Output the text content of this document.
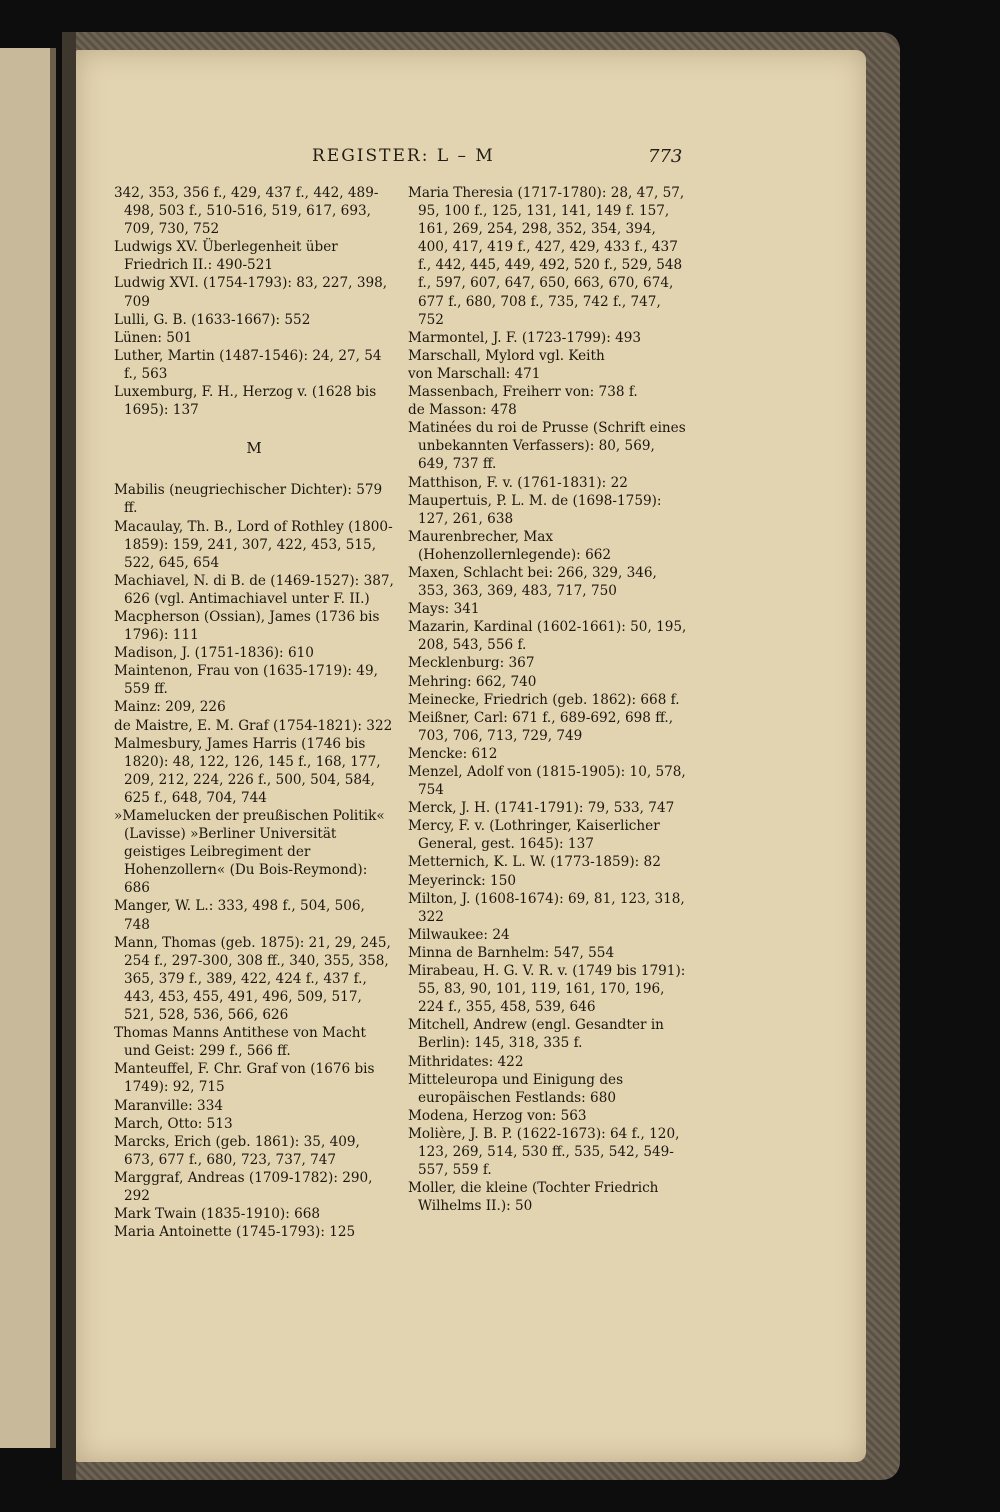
REGISTER: L – M	773

342, 353, 356 f., 429, 437 f., 442, 489-498, 503 f., 510-516, 519, 617, 693, 709, 730, 752

Ludwigs XV. Überlegenheit über Friedrich II.: 490-521

Ludwig XVI. (1754-1793): 83, 227, 398, 709

Lulli, G. B. (1633-1667): 552

Lünen: 501

Luther, Martin (1487-1546): 24, 27, 54 f., 563

Luxemburg, F. H., Herzog v. (1628 bis 1695): 137

M

Mabilis (neugriechischer Dichter): 579 ff.

Macaulay, Th. B., Lord of Rothley (1800-1859): 159, 241, 307, 422, 453, 515, 522, 645, 654

Machiavel, N. di B. de (1469-1527): 387, 626 (vgl. Antimachiavel unter F. II.)

Macpherson (Ossian), James (1736 bis 1796): 111

Madison, J. (1751-1836): 610

Maintenon, Frau von (1635-1719): 49, 559 ff.

Mainz: 209, 226

de Maistre, E. M. Graf (1754-1821): 322

Malmesbury, James Harris (1746 bis 1820): 48, 122, 126, 145 f., 168, 177, 209, 212, 224, 226 f., 500, 504, 584, 625 f., 648, 704, 744

»Mamelucken der preußischen Politik« (Lavisse) »Berliner Universität geistiges Leibregiment der Hohenzollern« (Du Bois-Reymond): 686

Manger, W. L.: 333, 498 f., 504, 506, 748

Mann, Thomas (geb. 1875): 21, 29, 245, 254 f., 297-300, 308 ff., 340, 355, 358, 365, 379 f., 389, 422, 424 f., 437 f., 443, 453, 455, 491, 496, 509, 517, 521, 528, 536, 566, 626

Thomas Manns Antithese von Macht und Geist: 299 f., 566 ff.

Manteuffel, F. Chr. Graf von (1676 bis 1749): 92, 715

Maranville: 334

March, Otto: 513

Marcks, Erich (geb. 1861): 35, 409, 673, 677 f., 680, 723, 737, 747

Marggraf, Andreas (1709-1782): 290, 292

Mark Twain (1835-1910): 668

Maria Antoinette (1745-1793): 125

Maria Theresia (1717-1780): 28, 47, 57, 95, 100 f., 125, 131, 141, 149 f. 157, 161, 269, 254, 298, 352, 354, 394, 400, 417, 419 f., 427, 429, 433 f., 437 f., 442, 445, 449, 492, 520 f., 529, 548 f., 597, 607, 647, 650, 663, 670, 674, 677 f., 680, 708 f., 735, 742 f., 747, 752

Marmontel, J. F. (1723-1799): 493

Marschall, Mylord vgl. Keith

von Marschall: 471

Massenbach, Freiherr von: 738 f.

de Masson: 478

Matinées du roi de Prusse (Schrift eines unbekannten Verfassers): 80, 569, 649, 737 ff.

Matthison, F. v. (1761-1831): 22

Maupertuis, P. L. M. de (1698-1759): 127, 261, 638

Maurenbrecher, Max (Hohenzollernlegende): 662

Maxen, Schlacht bei: 266, 329, 346, 353, 363, 369, 483, 717, 750

Mays: 341

Mazarin, Kardinal (1602-1661): 50, 195, 208, 543, 556 f.

Mecklenburg: 367

Mehring: 662, 740

Meinecke, Friedrich (geb. 1862): 668 f.

Meißner, Carl: 671 f., 689-692, 698 ff., 703, 706, 713, 729, 749

Mencke: 612

Menzel, Adolf von (1815-1905): 10, 578, 754

Merck, J. H. (1741-1791): 79, 533, 747

Mercy, F. v. (Lothringer, Kaiserlicher General, gest. 1645): 137

Metternich, K. L. W. (1773-1859): 82

Meyerinck: 150

Milton, J. (1608-1674): 69, 81, 123, 318, 322

Milwaukee: 24

Minna de Barnhelm: 547, 554

Mirabeau, H. G. V. R. v. (1749 bis 1791): 55, 83, 90, 101, 119, 161, 170, 196, 224 f., 355, 458, 539, 646

Mitchell, Andrew (engl. Gesandter in Berlin): 145, 318, 335 f.

Mithridates: 422

Mitteleuropa und Einigung des europäischen Festlands: 680

Modena, Herzog von: 563

Molière, J. B. P. (1622-1673): 64 f., 120, 123, 269, 514, 530 ff., 535, 542, 549-557, 559 f.

Moller, die kleine (Tochter Friedrich Wilhelms II.): 50
